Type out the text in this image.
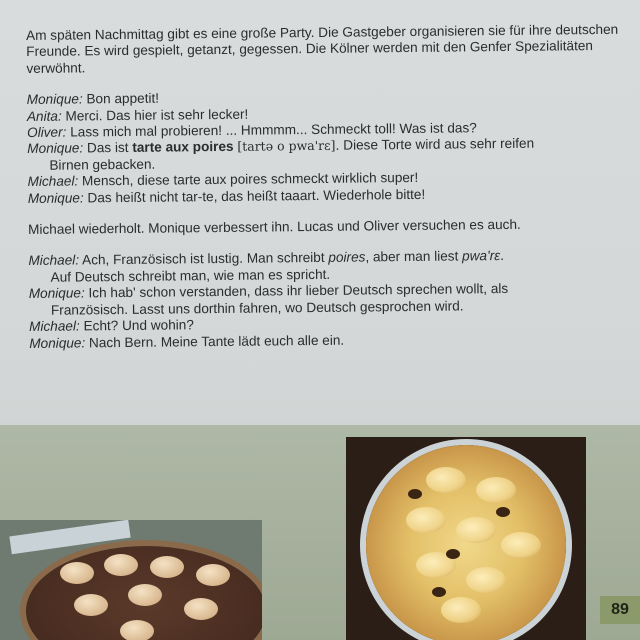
Am späten Nachmittag gibt es eine große Party. Die Gastgeber organisieren sie für ihre deutschen Freunde. Es wird gespielt, getanzt, gegessen. Die Kölner werden mit den Genfer Spezialitäten verwöhnt.

Monique: Bon appetit!

Anita: Merci. Das hier ist sehr lecker!

Oliver: Lass mich mal probieren! ... Hmmmm... Schmeckt toll! Was ist das?

Monique: Das ist tarte aux poires [tartə o pwa'rɛ]. Diese Torte wird aus sehr reifen

Birnen gebacken.

Michael: Mensch, diese tarte aux poires schmeckt wirklich super!

Monique: Das heißt nicht tar-te, das heißt taaart. Wiederhole bitte!

Michael wiederholt. Monique verbessert ihn. Lucas und Oliver versuchen es auch.

Michael: Ach, Französisch ist lustig. Man schreibt poires, aber man liest pwa'rɛ.

Auf Deutsch schreibt man, wie man es spricht.

Monique: Ich hab' schon verstanden, dass ihr lieber Deutsch sprechen wollt, als

Französisch. Lasst uns dorthin fahren, wo Deutsch gesprochen wird.

Michael: Echt? Und wohin?

Monique: Nach Bern. Meine Tante lädt euch alle ein.

89
